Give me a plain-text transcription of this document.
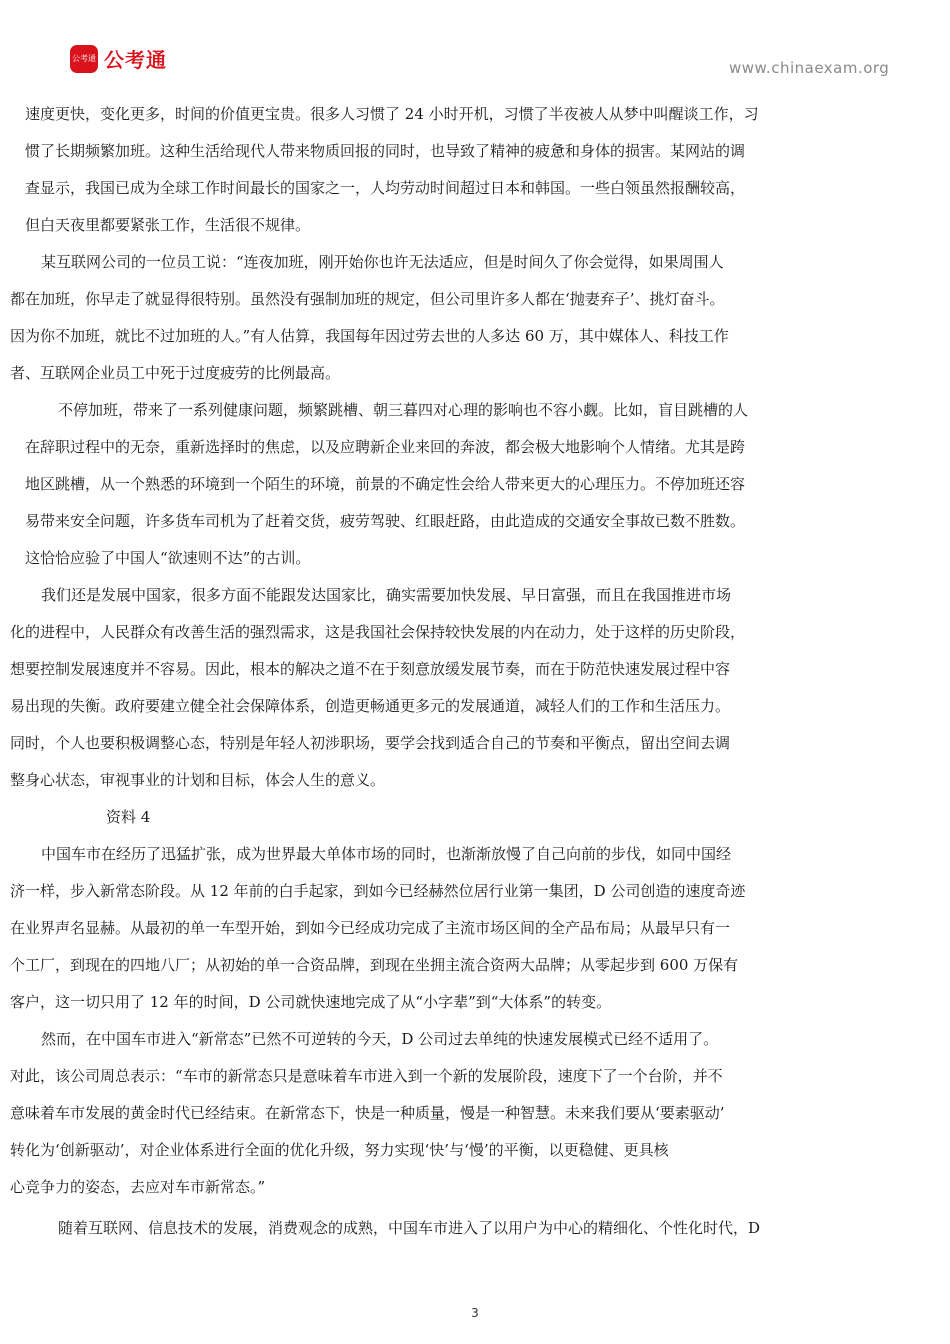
公考通 公考通	www.chinaexam.org
速度更快，变化更多，时间的价值更宝贵。很多人习惯了 24 小时开机，习惯了半夜被人从梦中叫醒谈工作，习
惯了长期频繁加班。这种生活给现代人带来物质回报的同时，也导致了精神的疲惫和身体的损害。某网站的调
查显示，我国已成为全球工作时间最长的国家之一，人均劳动时间超过日本和韩国。一些白领虽然报酬较高，
但白天夜里都要紧张工作，生活很不规律。
某互联网公司的一位员工说：“连夜加班，刚开始你也许无法适应，但是时间久了你会觉得，如果周围人
都在加班，你早走了就显得很特别。虽然没有强制加班的规定，但公司里许多人都在‘抛妻弃子’、挑灯奋斗。
因为你不加班，就比不过加班的人。”有人估算，我国每年因过劳去世的人多达 60 万，其中媒体人、科技工作
者、互联网企业员工中死于过度疲劳的比例最高。
不停加班，带来了一系列健康问题，频繁跳槽、朝三暮四对心理的影响也不容小觑。比如，盲目跳槽的人
在辞职过程中的无奈，重新选择时的焦虑，以及应聘新企业来回的奔波，都会极大地影响个人情绪。尤其是跨
地区跳槽，从一个熟悉的环境到一个陌生的环境，前景的不确定性会给人带来更大的心理压力。不停加班还容
易带来安全问题，许多货车司机为了赶着交货，疲劳驾驶、红眼赶路，由此造成的交通安全事故已数不胜数。
这恰恰应验了中国人“欲速则不达”的古训。
我们还是发展中国家，很多方面不能跟发达国家比，确实需要加快发展、早日富强，而且在我国推进市场
化的进程中，人民群众有改善生活的强烈需求，这是我国社会保持较快发展的内在动力，处于这样的历史阶段，
想要控制发展速度并不容易。因此，根本的解决之道不在于刻意放缓发展节奏，而在于防范快速发展过程中容
易出现的失衡。政府要建立健全社会保障体系，创造更畅通更多元的发展通道，减轻人们的工作和生活压力。
同时，个人也要积极调整心态，特别是年轻人初涉职场，要学会找到适合自己的节奏和平衡点，留出空间去调
整身心状态，审视事业的计划和目标，体会人生的意义。
资料 4
中国车市在经历了迅猛扩张，成为世界最大单体市场的同时，也渐渐放慢了自己向前的步伐，如同中国经
济一样，步入新常态阶段。从 12 年前的白手起家，到如今已经赫然位居行业第一集团，D 公司创造的速度奇迹
在业界声名显赫。从最初的单一车型开始，到如今已经成功完成了主流市场区间的全产品布局；从最早只有一
个工厂，到现在的四地八厂；从初始的单一合资品牌，到现在坐拥主流合资两大品牌；从零起步到 600 万保有
客户，这一切只用了 12 年的时间，D 公司就快速地完成了从“小字辈”到“大体系”的转变。
然而，在中国车市进入“新常态”已然不可逆转的今天，D 公司过去单纯的快速发展模式已经不适用了。
对此，该公司周总表示：“车市的新常态只是意味着车市进入到一个新的发展阶段，速度下了一个台阶，并不
意味着车市发展的黄金时代已经结束。在新常态下，快是一种质量，慢是一种智慧。未来我们要从‘要素驱动’
转化为‘创新驱动’，对企业体系进行全面的优化升级，努力实现‘快’与‘慢’的平衡，以更稳健、更具核
心竞争力的姿态，去应对车市新常态。”
随着互联网、信息技术的发展，消费观念的成熟，中国车市进入了以用户为中心的精细化、个性化时代，D
3
